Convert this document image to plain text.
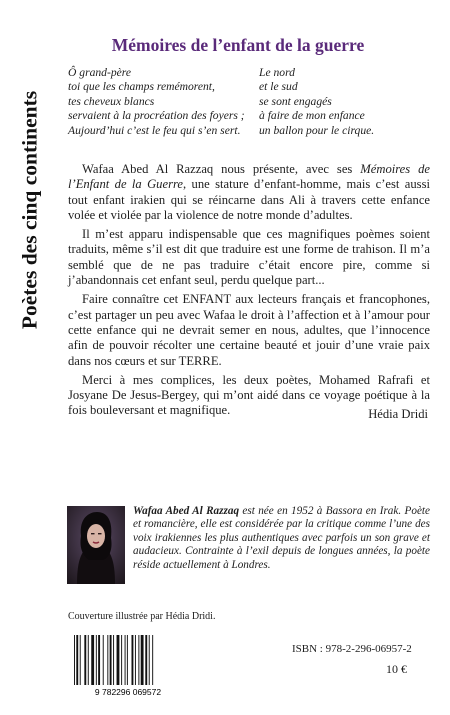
Poètes des cinq continents
Mémoires de l’enfant de la guerre
Ô grand-père
toi que les champs remémorent,
tes cheveux blancs
servaient à la procréation des foyers ;
Aujourd’hui c’est le feu qui s’en sert.
Le nord
et le sud
se sont engagés
à faire de mon enfance
un ballon pour le cirque.

Wafaa Abed Al Razzaq nous présente, avec ses Mémoires de l’Enfant de la Guerre, une stature d’enfant-homme, mais c’est aussi tout enfant irakien qui se réincarne dans Ali à travers cette enfance volée et violée par la violence de notre monde d’adultes.

Il m’est apparu indispensable que ces magnifiques poèmes soient traduits, même s’il est dit que traduire est une forme de trahison. Il m’a semblé que de ne pas traduire c’était encore pire, comme si j’abandonnais cet enfant seul, perdu quelque part...

Faire connaître cet ENFANT aux lecteurs français et francophones, c’est partager un peu avec Wafaa le droit à l’affection et à l’amour pour cette enfance qui ne devrait semer en nous, adultes, que l’innocence afin de pouvoir récolter une certaine beauté et jouir d’une vraie paix dans nos cœurs et sur TERRE.

Merci à mes complices, les deux poètes, Mohamed Rafrafi et Josyane De Jesus-Bergey, qui m’ont aidé dans ce voyage poétique à la fois bouleversant et magnifique.	Hédia Dridi
Wafaa Abed Al Razzaq est née en 1952 à Bassora en Irak. Poète et romancière, elle est considérée par la critique comme l’une des voix irakiennes les plus authentiques avec parfois un son grave et audacieux. Contrainte à l’exil depuis de longues années, la poète réside actuellement à Londres.
Couverture illustrée par Hédia Dridi.
9 782296 069572
ISBN : 978-2-296-06957-2
10 €
